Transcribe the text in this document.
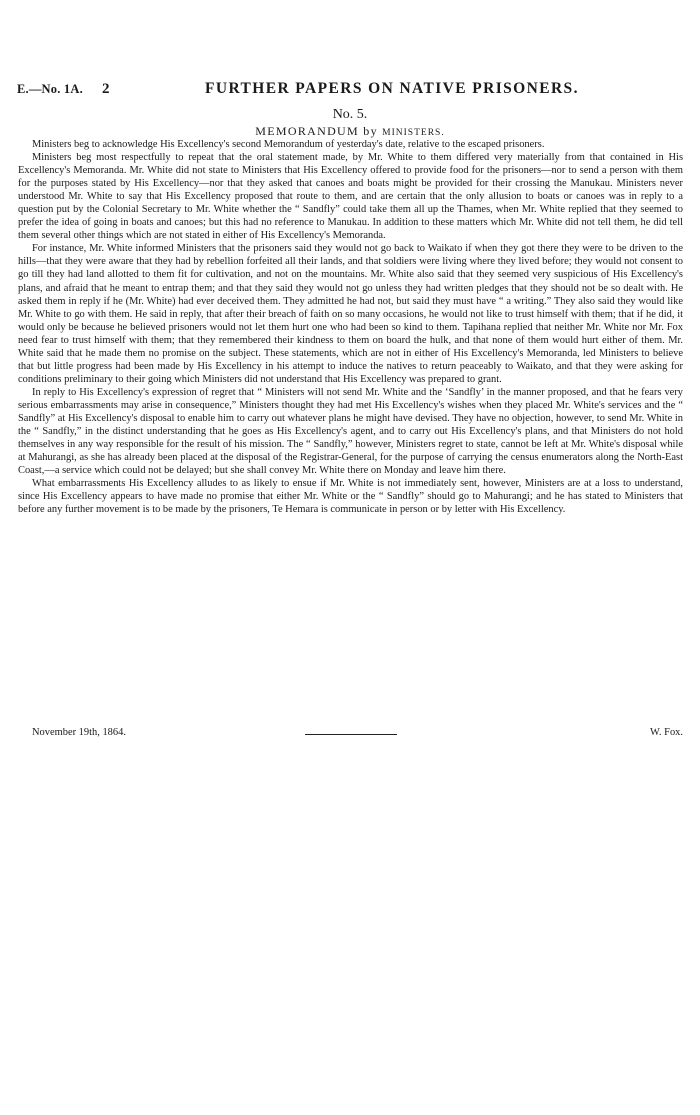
E.—No. 1A. 2	FURTHER PAPERS ON NATIVE PRISONERS.
No. 5.
MEMORANDUM by MINISTERS.

Ministers beg to acknowledge His Excellency's second Memorandum of yesterday's date, relative to the escaped prisoners.

Ministers beg most respectfully to repeat that the oral statement made, by Mr. White to them differed very materially from that contained in His Excellency's Memoranda. Mr. White did not state to Ministers that His Excellency offered to provide food for the prisoners—nor to send a person with them for the purposes stated by His Excellency—nor that they asked that canoes and boats might be provided for their crossing the Manukau. Ministers never understood Mr. White to say that His Excellency proposed that route to them, and are certain that the only allusion to boats or canoes was in reply to a question put by the Colonial Secretary to Mr. White whether the “ Sandfly” could take them all up the Thames, when Mr. White replied that they seemed to prefer the idea of going in boats and canoes; but this had no reference to Manukau. In addition to these matters which Mr. White did not tell them, he did tell them several other things which are not stated in either of His Excellency's Memoranda.

For instance, Mr. White informed Ministers that the prisoners said they would not go back to Waikato if when they got there they were to be driven to the hills—that they were aware that they had by rebellion forfeited all their lands, and that soldiers were living where they lived before; they would not consent to go till they had land allotted to them fit for cultivation, and not on the mountains. Mr. White also said that they seemed very suspicious of His Excellency's plans, and afraid that he meant to entrap them; and that they said they would not go unless they had written pledges that they should not be so dealt with. He asked them in reply if he (Mr. White) had ever deceived them. They admitted he had not, but said they must have “ a writing.” They also said they would like Mr. White to go with them. He said in reply, that after their breach of faith on so many occasions, he would not like to trust himself with them; that if he did, it would only be because he believed prisoners would not let them hurt one who had been so kind to them. Tapihana replied that neither Mr. White nor Mr. Fox need fear to trust himself with them; that they remembered their kindness to them on board the hulk, and that none of them would hurt either of them. Mr. White said that he made them no promise on the subject. These statements, which are not in either of His Excellency's Memoranda, led Ministers to believe that but little progress had been made by His Excellency in his attempt to induce the natives to return peaceably to Waikato, and that they were asking for conditions preliminary to their going which Ministers did not understand that His Excellency was prepared to grant.

In reply to His Excellency's expression of regret that “ Ministers will not send Mr. White and the ‘Sandfly’ in the manner proposed, and that he fears very serious embarrassments may arise in consequence,” Ministers thought they had met His Excellency's wishes when they placed Mr. White's services and the “ Sandfly” at His Excellency's disposal to enable him to carry out whatever plans he might have devised. They have no objection, however, to send Mr. White in the “ Sandfly,” in the distinct understanding that he goes as His Excellency's agent, and to carry out His Excellency's plans, and that Ministers do not hold themselves in any way responsible for the result of his mission. The “ Sandfly,” however, Ministers regret to state, cannot be left at Mr. White's disposal while at Mahurangi, as she has already been placed at the disposal of the Registrar-General, for the purpose of carrying the census enumerators along the North-East Coast,—a service which could not be delayed; but she shall convey Mr. White there on Monday and leave him there.

What embarrassments His Excellency alludes to as likely to ensue if Mr. White is not immediately sent, however, Ministers are at a loss to understand, since His Excellency appears to have made no promise that either Mr. White or the “ Sandfly” should go to Mahurangi; and he has stated to Ministers that before any further movement is to be made by the prisoners, Te Hemara is communicate in person or by letter with His Excellency.

November 19th, 1864.	W. Fox.
